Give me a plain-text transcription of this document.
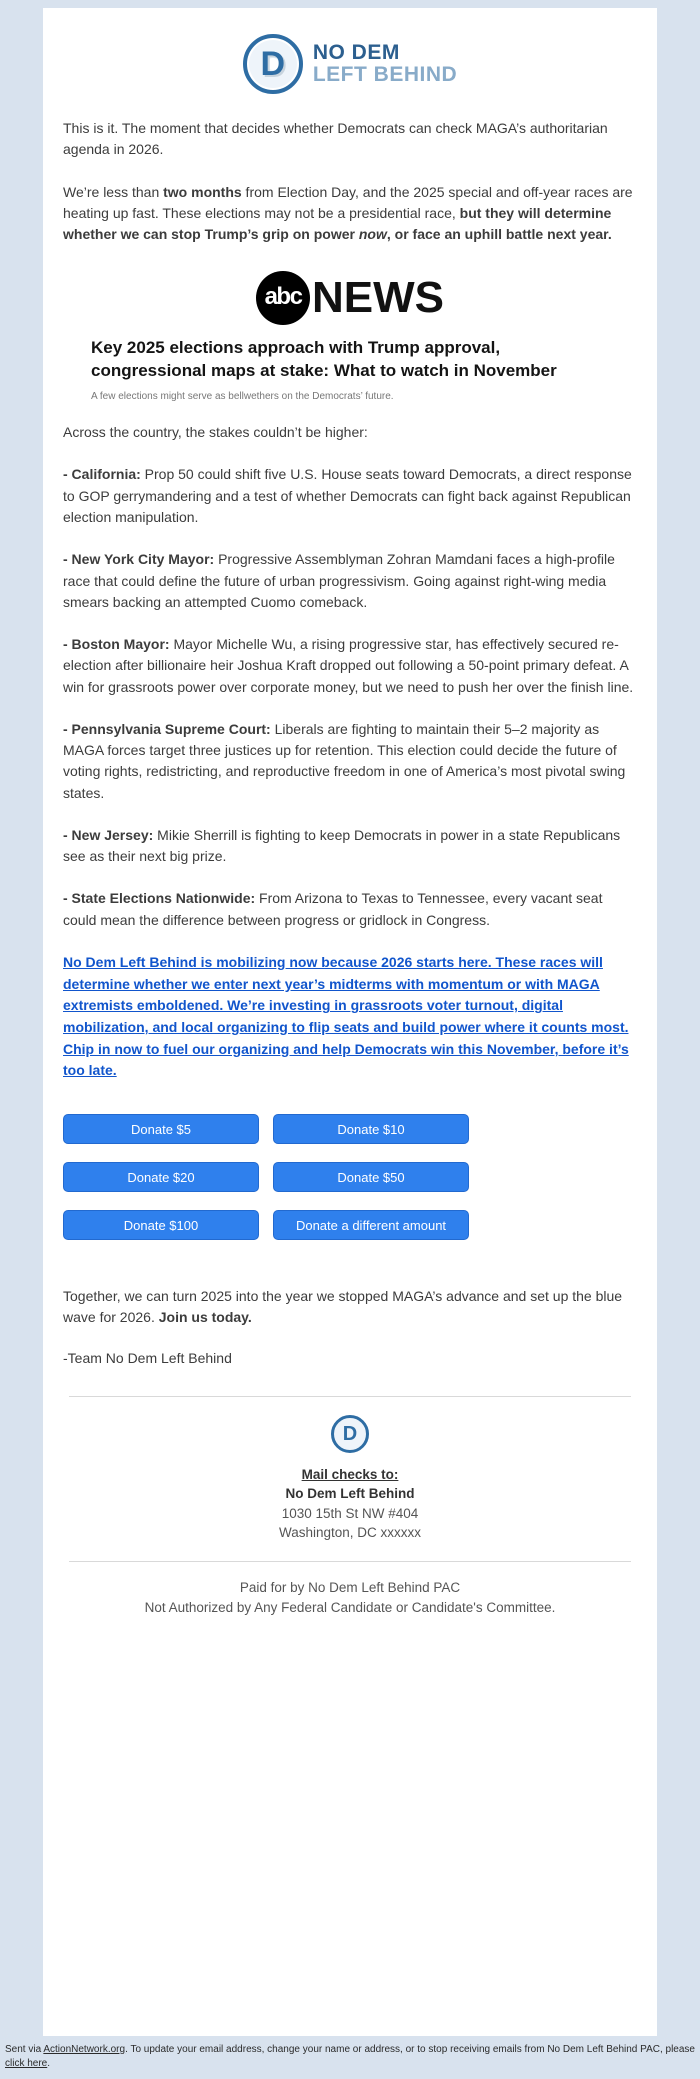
D NO DEM
LEFT BEHIND

This is it. The moment that decides whether Democrats can check MAGA’s authoritarian agenda in 2026.

We’re less than two months from Election Day, and the 2025 special and off-year races are heating up fast. These elections may not be a presidential race, but they will determine whether we can stop Trump’s grip on power now, or face an uphill battle next year.

abc NEWS
Key 2025 elections approach with Trump approval, congressional maps at stake: What to watch in November

A few elections might serve as bellwethers on the Democrats’ future.

Across the country, the stakes couldn’t be higher:

- California: Prop 50 could shift five U.S. House seats toward Democrats, a direct response to GOP gerrymandering and a test of whether Democrats can fight back against Republican election manipulation.

- New York City Mayor: Progressive Assemblyman Zohran Mamdani faces a high-profile race that could define the future of urban progressivism. Going against right-wing media smears backing an attempted Cuomo comeback.

- Boston Mayor: Mayor Michelle Wu, a rising progressive star, has effectively secured re-election after billionaire heir Joshua Kraft dropped out following a 50-point primary defeat. A win for grassroots power over corporate money, but we need to push her over the finish line.

- Pennsylvania Supreme Court: Liberals are fighting to maintain their 5–2 majority as MAGA forces target three justices up for retention. This election could decide the future of voting rights, redistricting, and reproductive freedom in one of America’s most pivotal swing states.

- New Jersey: Mikie Sherrill is fighting to keep Democrats in power in a state Republicans see as their next big prize.

- State Elections Nationwide: From Arizona to Texas to Tennessee, every vacant seat could mean the difference between progress or gridlock in Congress.

No Dem Left Behind is mobilizing now because 2026 starts here. These races will determine whether we enter next year’s midterms with momentum or with MAGA extremists emboldened. We’re investing in grassroots voter turnout, digital mobilization, and local organizing to flip seats and build power where it counts most. Chip in now to fuel our organizing and help Democrats win this November, before it’s too late.
Donate $5	Donate $10
Donate $20	Donate $50
Donate $100	Donate a different amount

Together, we can turn 2025 into the year we stopped MAGA’s advance and set up the blue wave for 2026. Join us today.

-Team No Dem Left Behind

D
Mail checks to:
No Dem Left Behind
1030 15th St NW #404
Washington, DC xxxxxx
Paid for by No Dem Left Behind PAC
Not Authorized by Any Federal Candidate or Candidate's Committee.
Sent via ActionNetwork.org. To update your email address, change your name or address, or to stop receiving emails from No Dem Left Behind PAC, please click here.
